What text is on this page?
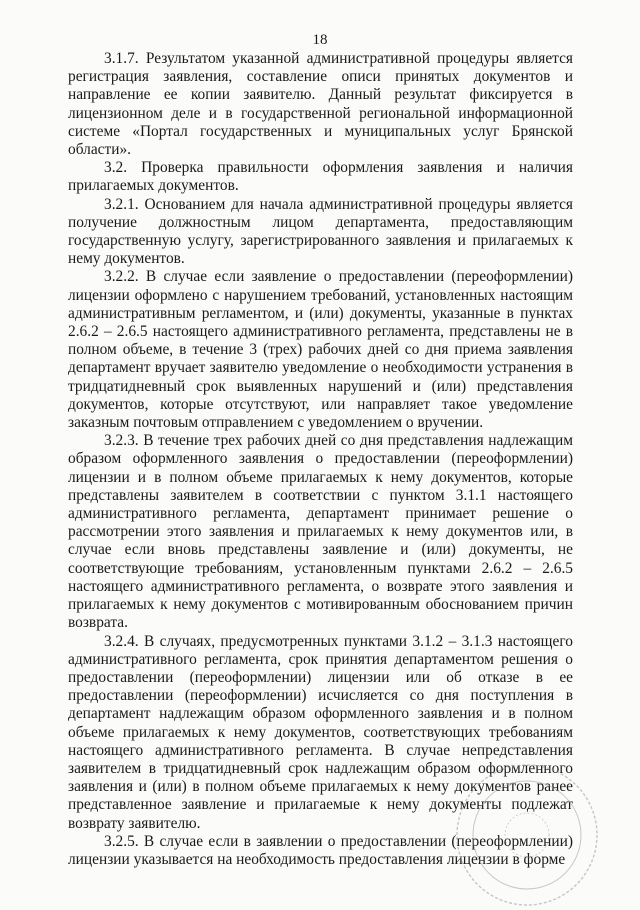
18

3.1.7. Результатом указанной административной процедуры является регистрация заявления, составление описи принятых документов и направление ее копии заявителю. Данный результат фиксируется в лицензионном деле и в государственной региональной информационной системе «Портал государственных и муниципальных услуг Брянской области».

3.2. Проверка правильности оформления заявления и наличия прилагаемых документов.

3.2.1. Основанием для начала административной процедуры является получение должностным лицом департамента, предоставляющим государственную услугу, зарегистрированного заявления и прилагаемых к нему документов.

3.2.2. В случае если заявление о предоставлении (переоформлении) лицензии оформлено с нарушением требований, установленных настоящим административным регламентом, и (или) документы, указанные в пунктах 2.6.2 – 2.6.5 настоящего административного регламента, представлены не в полном объеме, в течение 3 (трех) рабочих дней со дня приема заявления департамент вручает заявителю уведомление о необходимости устранения в тридцатидневный срок выявленных нарушений и (или) представления документов, которые отсутствуют, или направляет такое уведомление заказным почтовым отправлением с уведомлением о вручении.

3.2.3. В течение трех рабочих дней со дня представления надлежащим образом оформленного заявления о предоставлении (переоформлении) лицензии и в полном объеме прилагаемых к нему документов, которые представлены заявителем в соответствии с пунктом 3.1.1 настоящего административного регламента, департамент принимает решение о рассмотрении этого заявления и прилагаемых к нему документов или, в случае если вновь представлены заявление и (или) документы, не соответствующие требованиям, установленным пунктами 2.6.2 – 2.6.5 настоящего административного регламента, о возврате этого заявления и прилагаемых к нему документов с мотивированным обоснованием причин возврата.

3.2.4. В случаях, предусмотренных пунктами 3.1.2 – 3.1.3 настоящего административного регламента, срок принятия департаментом решения о предоставлении (переоформлении) лицензии или об отказе в ее предоставлении (переоформлении) исчисляется со дня поступления в департамент надлежащим образом оформленного заявления и в полном объеме прилагаемых к нему документов, соответствующих требованиям настоящего административного регламента. В случае непредставления заявителем в тридцатидневный срок надлежащим образом оформленного заявления и (или) в полном объеме прилагаемых к нему документов ранее представленное заявление и прилагаемые к нему документы подлежат возврату заявителю.

3.2.5. В случае если в заявлении о предоставлении (переоформлении) лицензии указывается на необходимость предоставления лицензии в форме
